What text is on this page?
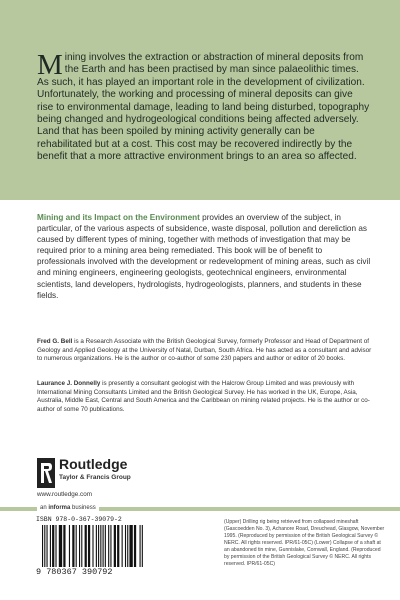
Mining involves the extraction or abstraction of mineral deposits from the Earth and has been practised by man since palaeolithic times. As such, it has played an important role in the development of civilization. Unfortunately, the working and processing of mineral deposits can give rise to environmental damage, leading to land being disturbed, topography being changed and hydrogeological conditions being affected adversely. Land that has been spoiled by mining activity generally can be rehabilitated but at a cost. This cost may be recovered indirectly by the benefit that a more attractive environment brings to an area so affected.
Mining and its Impact on the Environment provides an overview of the subject, in particular, of the various aspects of subsidence, waste disposal, pollution and dereliction as caused by different types of mining, together with methods of investigation that may be required prior to a mining area being remediated. This book will be of benefit to professionals involved with the development or redevelopment of mining areas, such as civil and mining engineers, engineering geologists, geotechnical engineers, environmental scientists, land developers, hydrologists, hydrogeologists, planners, and students in these fields.
Fred G. Bell is a Research Associate with the British Geological Survey, formerly Professor and Head of Department of Geology and Applied Geology at the University of Natal, Durban, South Africa. He has acted as a consultant and advisor to numerous organizations. He is the author or co-author of some 230 papers and author or editor of 20 books.
Laurance J. Donnelly is presently a consultant geologist with the Halcrow Group Limited and was previously with International Mining Consultants Limited and the British Geological Survey. He has worked in the UK, Europe, Asia, Australia, Middle East, Central and South America and the Caribbean on mining related projects. He is the author or co-author of some 70 publications.
Routledge
Taylor & Francis Group
www.routledge.com
an informa business
ISBN 978-0-367-39079-2
9 780367 390792
(Upper) Drilling rig being retrieved from collapsed mineshaft (Gascoedden No. 3), Achanore Road, Dreuchead, Glasgow, November 1995. (Reproduced by permission of the British Geological Survey © NERC. All rights reserved. IPR/61-05C) (Lower) Collapse of a shaft at an abandoned tin mine, Gunnislake, Cornwall, England. (Reproduced by permission of the British Geological Survey © NERC. All rights reserved. IPR/61-05C)
